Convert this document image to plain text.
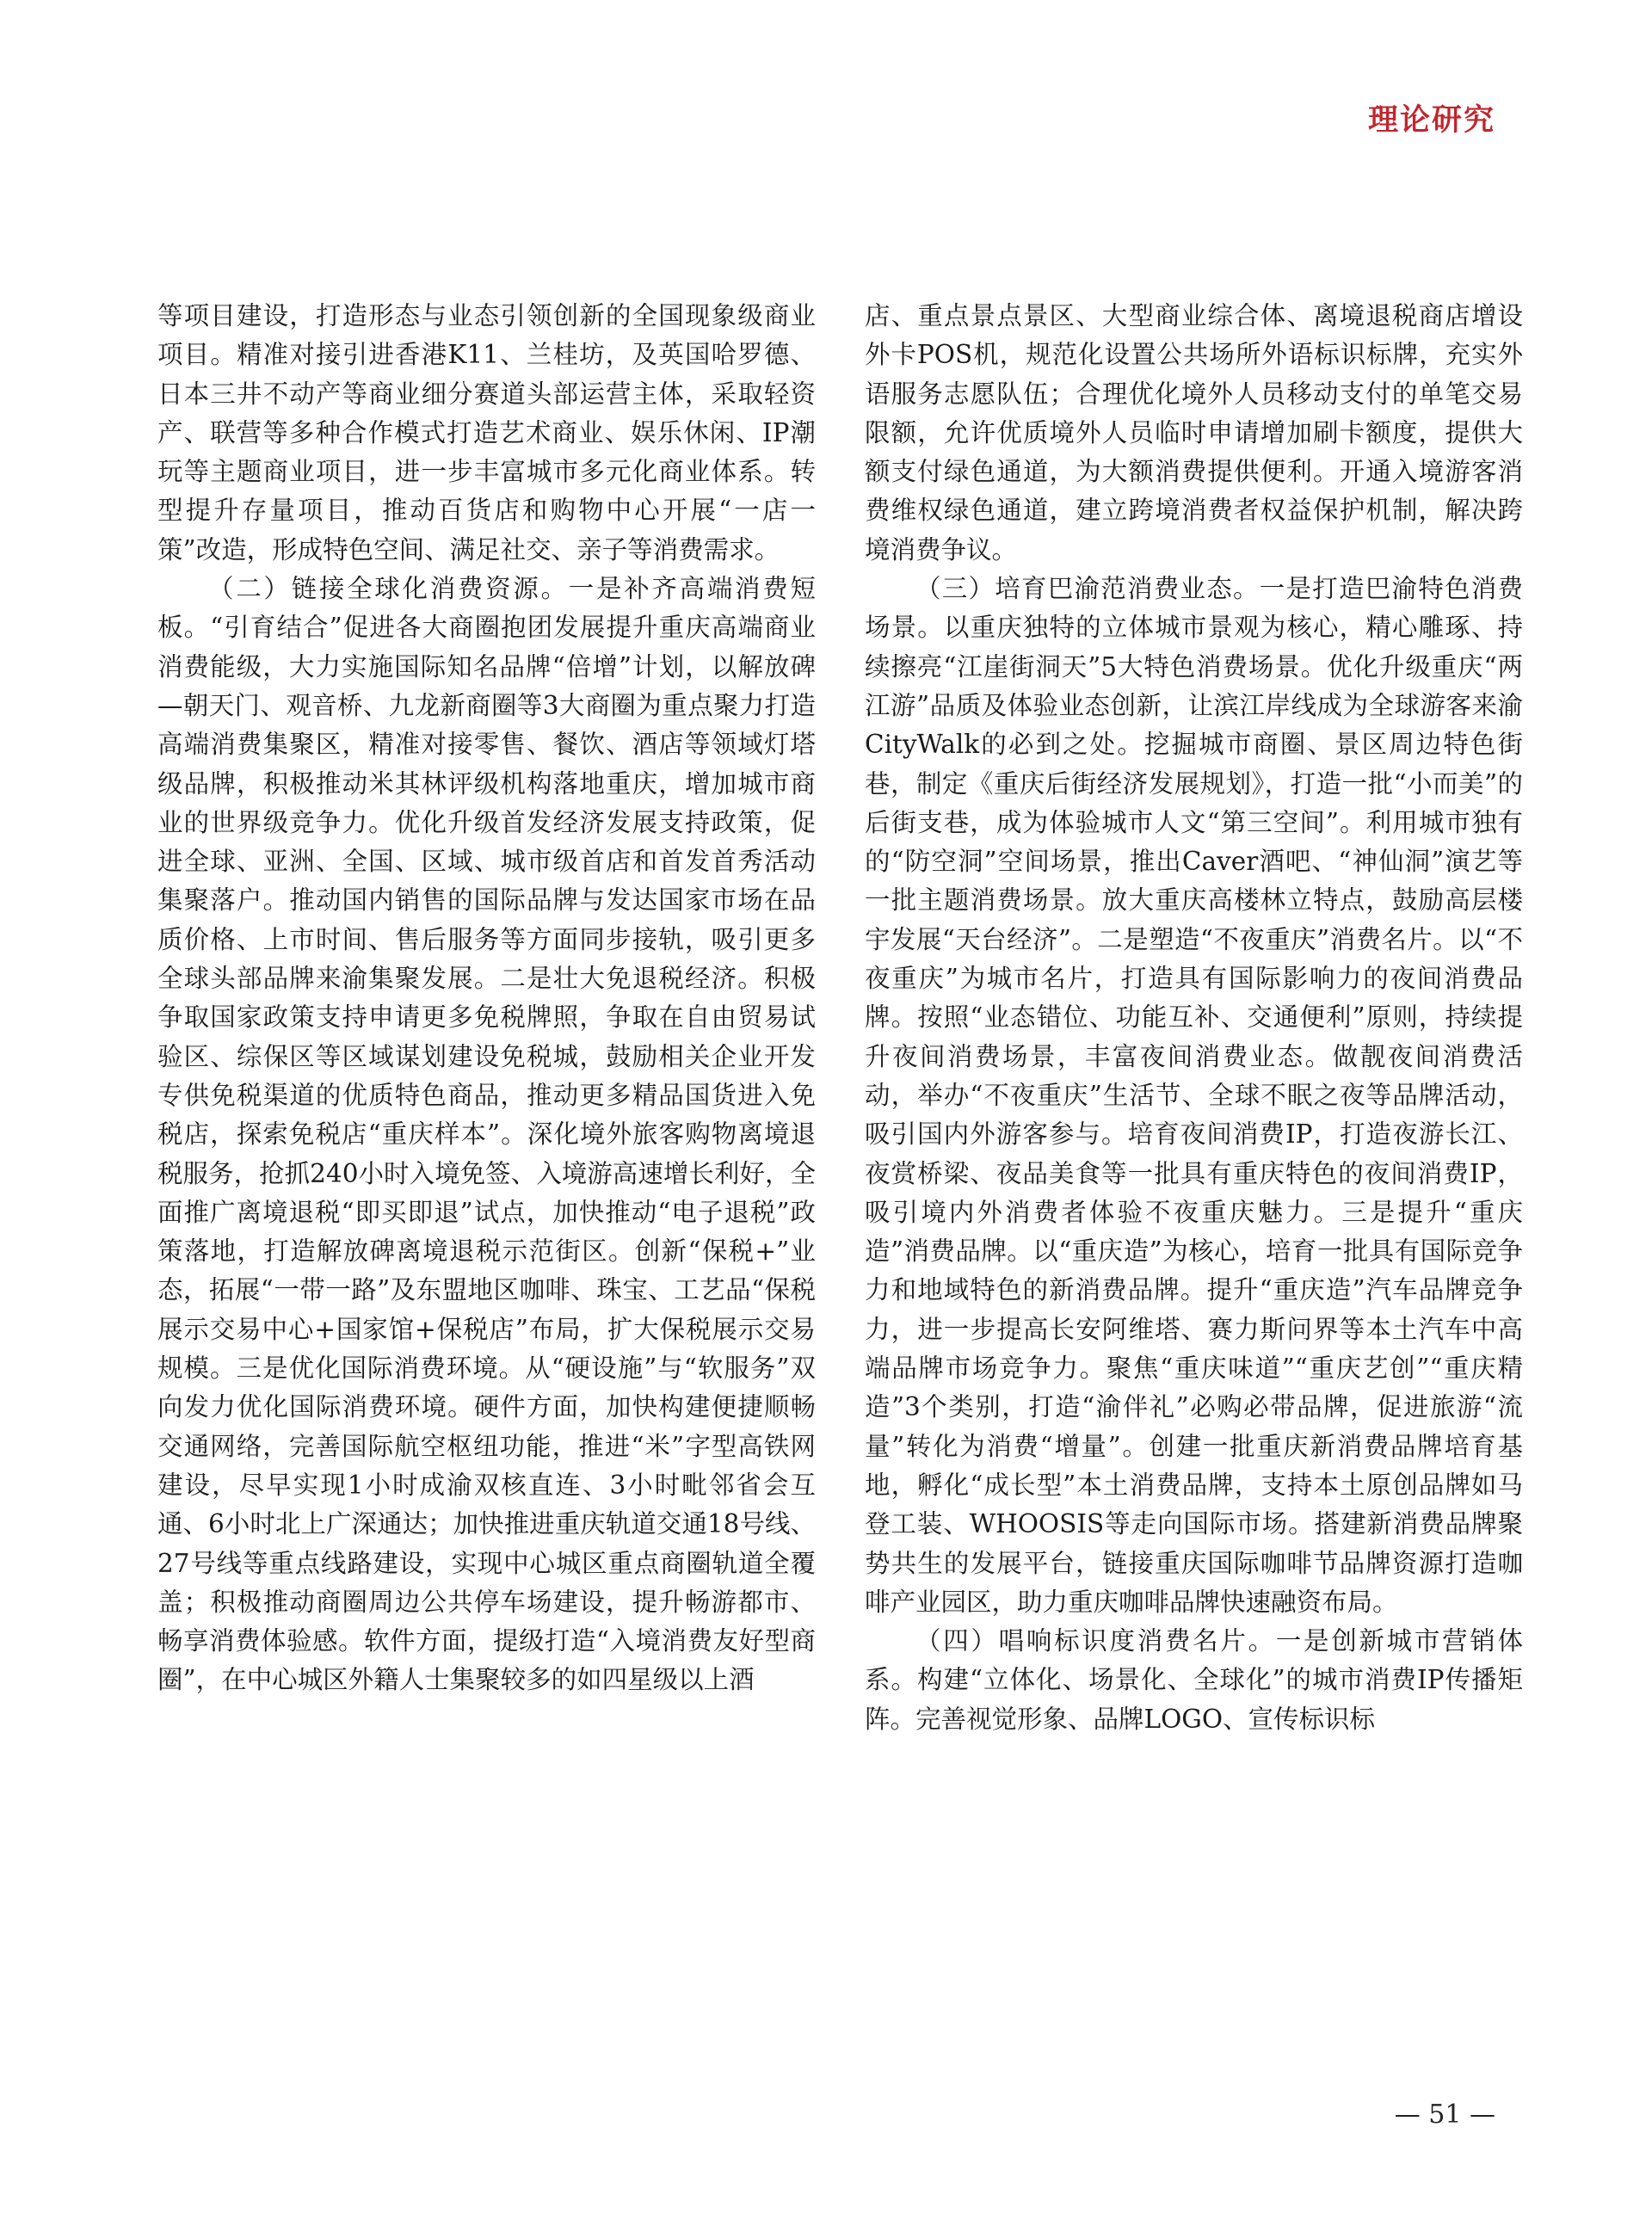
理论研究

等项目建设，打造形态与业态引领创新的全国现象级商业项目。精准对接引进香港K11、兰桂坊，及英国哈罗德、日本三井不动产等商业细分赛道头部运营主体，采取轻资产、联营等多种合作模式打造艺术商业、娱乐休闲、IP潮玩等主题商业项目，进一步丰富城市多元化商业体系。转型提升存量项目，推动百货店和购物中心开展“一店一策”改造，形成特色空间、满足社交、亲子等消费需求。

（二）链接全球化消费资源。一是补齐高端消费短板。“引育结合”促进各大商圈抱团发展提升重庆高端商业消费能级，大力实施国际知名品牌“倍增”计划，以解放碑—朝天门、观音桥、九龙新商圈等3大商圈为重点聚力打造高端消费集聚区，精准对接零售、餐饮、酒店等领域灯塔级品牌，积极推动米其林评级机构落地重庆，增加城市商业的世界级竞争力。优化升级首发经济发展支持政策，促进全球、亚洲、全国、区域、城市级首店和首发首秀活动集聚落户。推动国内销售的国际品牌与发达国家市场在品质价格、上市时间、售后服务等方面同步接轨，吸引更多全球头部品牌来渝集聚发展。二是壮大免退税经济。积极争取国家政策支持申请更多免税牌照，争取在自由贸易试验区、综保区等区域谋划建设免税城，鼓励相关企业开发专供免税渠道的优质特色商品，推动更多精品国货进入免税店，探索免税店“重庆样本”。深化境外旅客购物离境退税服务，抢抓240小时入境免签、入境游高速增长利好，全面推广离境退税“即买即退”试点，加快推动“电子退税”政策落地，打造解放碑离境退税示范街区。创新“保税+”业态，拓展“一带一路”及东盟地区咖啡、珠宝、工艺品“保税展示交易中心+国家馆+保税店”布局，扩大保税展示交易规模。三是优化国际消费环境。从“硬设施”与“软服务”双向发力优化国际消费环境。硬件方面，加快构建便捷顺畅交通网络，完善国际航空枢纽功能，推进“米”字型高铁网建设，尽早实现1小时成渝双核直连、3小时毗邻省会互通、6小时北上广深通达；加快推进重庆轨道交通18号线、27号线等重点线路建设，实现中心城区重点商圈轨道全覆盖；积极推动商圈周边公共停车场建设，提升畅游都市、畅享消费体验感。软件方面，提级打造“入境消费友好型商圈”，在中心城区外籍人士集聚较多的如四星级以上酒

店、重点景点景区、大型商业综合体、离境退税商店增设外卡POS机，规范化设置公共场所外语标识标牌，充实外语服务志愿队伍；合理优化境外人员移动支付的单笔交易限额，允许优质境外人员临时申请增加刷卡额度，提供大额支付绿色通道，为大额消费提供便利。开通入境游客消费维权绿色通道，建立跨境消费者权益保护机制，解决跨境消费争议。

（三）培育巴渝范消费业态。一是打造巴渝特色消费场景。以重庆独特的立体城市景观为核心，精心雕琢、持续擦亮“江崖街洞天”5大特色消费场景。优化升级重庆“两江游”品质及体验业态创新，让滨江岸线成为全球游客来渝CityWalk的必到之处。挖掘城市商圈、景区周边特色街巷，制定《重庆后街经济发展规划》，打造一批“小而美”的后街支巷，成为体验城市人文“第三空间”。利用城市独有的“防空洞”空间场景，推出Caver酒吧、“神仙洞”演艺等一批主题消费场景。放大重庆高楼林立特点，鼓励高层楼宇发展“天台经济”。二是塑造“不夜重庆”消费名片。以“不夜重庆”为城市名片，打造具有国际影响力的夜间消费品牌。按照“业态错位、功能互补、交通便利”原则，持续提升夜间消费场景，丰富夜间消费业态。做靓夜间消费活动，举办“不夜重庆”生活节、全球不眠之夜等品牌活动，吸引国内外游客参与。培育夜间消费IP，打造夜游长江、夜赏桥梁、夜品美食等一批具有重庆特色的夜间消费IP，吸引境内外消费者体验不夜重庆魅力。三是提升“重庆造”消费品牌。以“重庆造”为核心，培育一批具有国际竞争力和地域特色的新消费品牌。提升“重庆造”汽车品牌竞争力，进一步提高长安阿维塔、赛力斯问界等本土汽车中高端品牌市场竞争力。聚焦“重庆味道”“重庆艺创”“重庆精造”3个类别，打造“渝伴礼”必购必带品牌，促进旅游“流量”转化为消费“增量”。创建一批重庆新消费品牌培育基地，孵化“成长型”本土消费品牌，支持本土原创品牌如马登工装、WHOOSIS等走向国际市场。搭建新消费品牌聚势共生的发展平台，链接重庆国际咖啡节品牌资源打造咖啡产业园区，助力重庆咖啡品牌快速融资布局。

（四）唱响标识度消费名片。一是创新城市营销体系。构建“立体化、场景化、全球化”的城市消费IP传播矩阵。完善视觉形象、品牌LOGO、宣传标识标

— 51 —
